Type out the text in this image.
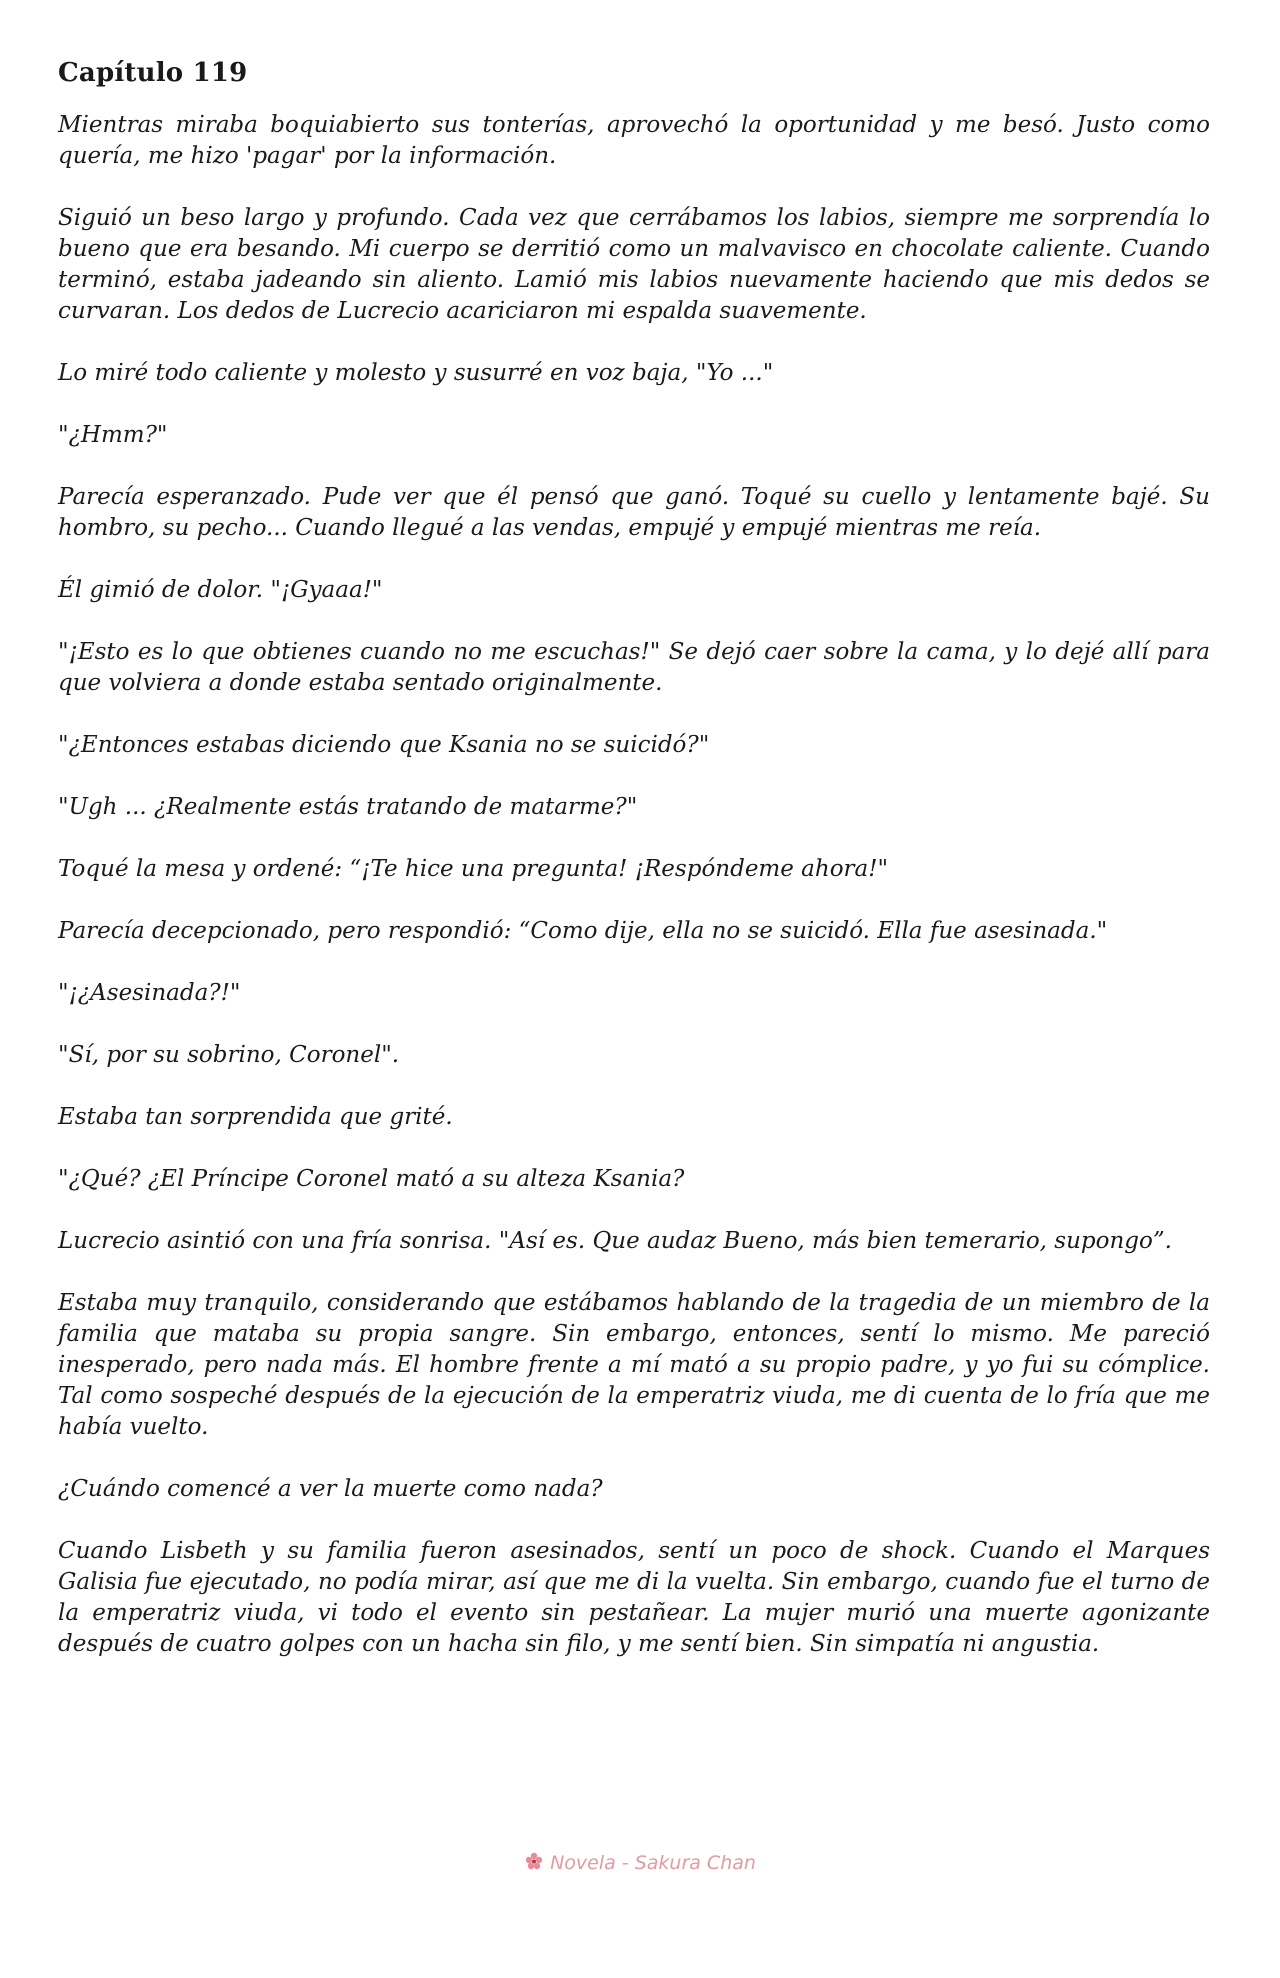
Capítulo 119

Mientras miraba boquiabierto sus tonterías, aprovechó la oportunidad y me besó. Justo como quería, me hizo 'pagar' por la información.

Siguió un beso largo y profundo. Cada vez que cerrábamos los labios, siempre me sorprendía lo bueno que era besando. Mi cuerpo se derritió como un malvavisco en chocolate caliente. Cuando terminó, estaba jadeando sin aliento. Lamió mis labios nuevamente haciendo que mis dedos se curvaran. Los dedos de Lucrecio acariciaron mi espalda suavemente.

Lo miré todo caliente y molesto y susurré en voz baja, "Yo ..."

"¿Hmm?"

Parecía esperanzado. Pude ver que él pensó que ganó. Toqué su cuello y lentamente bajé. Su hombro, su pecho... Cuando llegué a las vendas, empujé y empujé mientras me reía.

Él gimió de dolor. "¡Gyaaa!"

"¡Esto es lo que obtienes cuando no me escuchas!" Se dejó caer sobre la cama, y lo dejé allí para que volviera a donde estaba sentado originalmente.

"¿Entonces estabas diciendo que Ksania no se suicidó?"

"Ugh ... ¿Realmente estás tratando de matarme?"

Toqué la mesa y ordené: “¡Te hice una pregunta! ¡Respóndeme ahora!"

Parecía decepcionado, pero respondió: “Como dije, ella no se suicidó. Ella fue asesinada."

"¡¿Asesinada?!"

"Sí, por su sobrino, Coronel".

Estaba tan sorprendida que grité.

"¿Qué? ¿El Príncipe Coronel mató a su alteza Ksania?

Lucrecio asintió con una fría sonrisa. "Así es. Que audaz Bueno, más bien temerario, supongo”.

Estaba muy tranquilo, considerando que estábamos hablando de la tragedia de un miembro de la familia que mataba su propia sangre. Sin embargo, entonces, sentí lo mismo. Me pareció inesperado, pero nada más. El hombre frente a mí mató a su propio padre, y yo fui su cómplice. Tal como sospeché después de la ejecución de la emperatriz viuda, me di cuenta de lo fría que me había vuelto.

¿Cuándo comencé a ver la muerte como nada?

Cuando Lisbeth y su familia fueron asesinados, sentí un poco de shock. Cuando el Marques Galisia fue ejecutado, no podía mirar, así que me di la vuelta. Sin embargo, cuando fue el turno de la emperatriz viuda, vi todo el evento sin pestañear. La mujer murió una muerte agonizante después de cuatro golpes con un hacha sin filo, y me sentí bien. Sin simpatía ni angustia.

Novela - Sakura Chan
